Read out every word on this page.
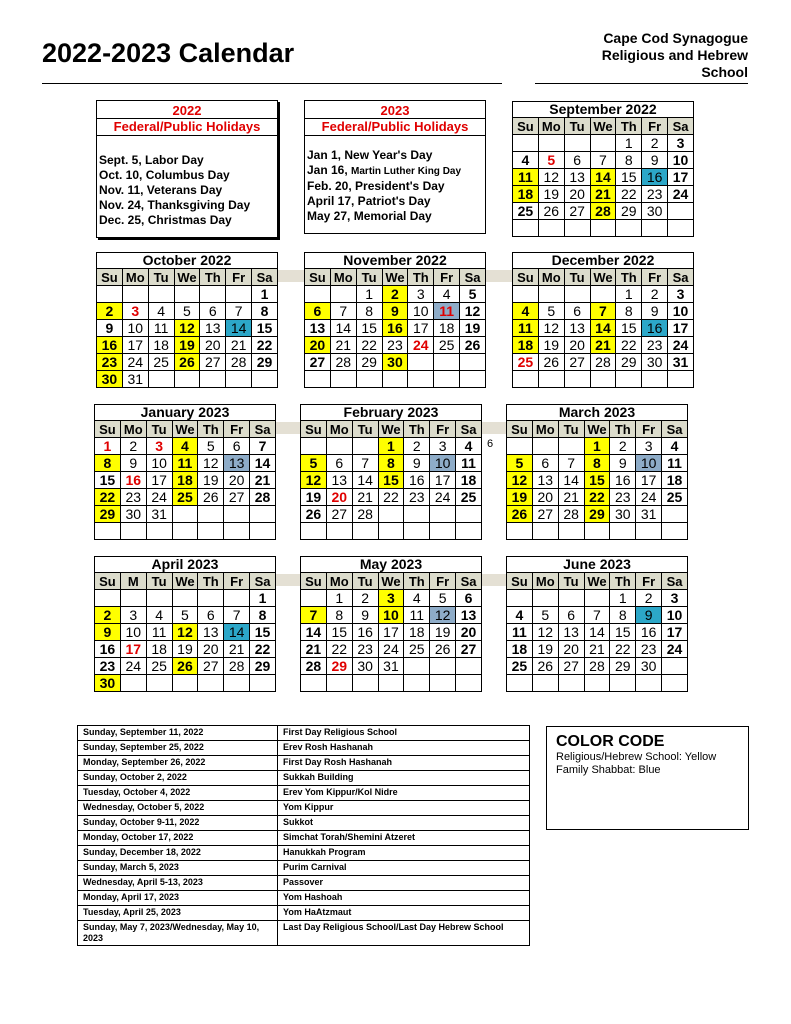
2022-2023 Calendar	Cape Cod Synagogue
Religious and Hebrew
School
2022
Federal/Public Holidays
Sept. 5, Labor Day
Oct. 10, Columbus Day
Nov. 11, Veterans Day
Nov. 24, Thanksgiving Day
Dec. 25, Christmas Day
2023
Federal/Public Holidays
Jan 1, New Year's Day
Jan 16, Martin Luther King Day
Feb. 20, President's Day
April 17, Patriot's Day
May 27, Memorial Day
September 2022
Su	Mo	Tu	We	Th	Fr	Sa
				1	2	3
4	5	6	7	8	9	10
11	12	13	14	15	16	17
18	19	20	21	22	23	24
25	26	27	28	29	30	

October 2022
Su	Mo	Tu	We	Th	Fr	Sa
						1
2	3	4	5	6	7	8
9	10	11	12	13	14	15
16	17	18	19	20	21	22
23	24	25	26	27	28	29
30	31					
November 2022
Su	Mo	Tu	We	Th	Fr	Sa
		1	2	3	4	5
6	7	8	9	10	11	12
13	14	15	16	17	18	19
20	21	22	23	24	25	26
27	28	29	30			

December 2022
Su	Mo	Tu	We	Th	Fr	Sa
				1	2	3
4	5	6	7	8	9	10
11	12	13	14	15	16	17
18	19	20	21	22	23	24
25	26	27	28	29	30	31

January 2023
Su	Mo	Tu	We	Th	Fr	Sa
1	2	3	4	5	6	7
8	9	10	11	12	13	14
15	16	17	18	19	20	21
22	23	24	25	26	27	28
29	30	31				

February 2023
Su	Mo	Tu	We	Th	Fr	Sa
			1	2	3	4
5	6	7	8	9	10	11
12	13	14	15	16	17	18
19	20	21	22	23	24	25
26	27	28				

March 2023
Su	Mo	Tu	We	Th	Fr	Sa
			1	2	3	4
5	6	7	8	9	10	11
12	13	14	15	16	17	18
19	20	21	22	23	24	25
26	27	28	29	30	31	

April 2023
Su	M	Tu	We	Th	Fr	Sa
						1
2	3	4	5	6	7	8
9	10	11	12	13	14	15
16	17	18	19	20	21	22
23	24	25	26	27	28	29
30						
May 2023
Su	Mo	Tu	We	Th	Fr	Sa
	1	2	3	4	5	6
7	8	9	10	11	12	13
14	15	16	17	18	19	20
21	22	23	24	25	26	27
28	29	30	31			

June 2023
Su	Mo	Tu	We	Th	Fr	Sa
				1	2	3
4	5	6	7	8	9	10
11	12	13	14	15	16	17
18	19	20	21	22	23	24
25	26	27	28	29	30	

6
Sunday, September 11, 2022	First Day Religious School
Sunday, September 25, 2022	Erev Rosh Hashanah
Monday, September 26, 2022	First Day Rosh Hashanah
Sunday, October 2, 2022	Sukkah Building
Tuesday, October 4, 2022	Erev Yom Kippur/Kol Nidre
Wednesday, October 5, 2022	Yom Kippur
Sunday, October 9-11, 2022	Sukkot
Monday, October 17, 2022	Simchat Torah/Shemini Atzeret
Sunday, December 18, 2022	Hanukkah Program
Sunday, March 5, 2023	Purim Carnival
Wednesday, April 5-13, 2023	Passover
Monday, April 17, 2023	Yom Hashoah
Tuesday, April 25, 2023	Yom HaAtzmaut
Sunday, May 7, 2023/Wednesday, May 10, 2023	Last Day Religious School/Last Day Hebrew School
COLOR CODE
Religious/Hebrew School: Yellow
Family Shabbat: Blue
